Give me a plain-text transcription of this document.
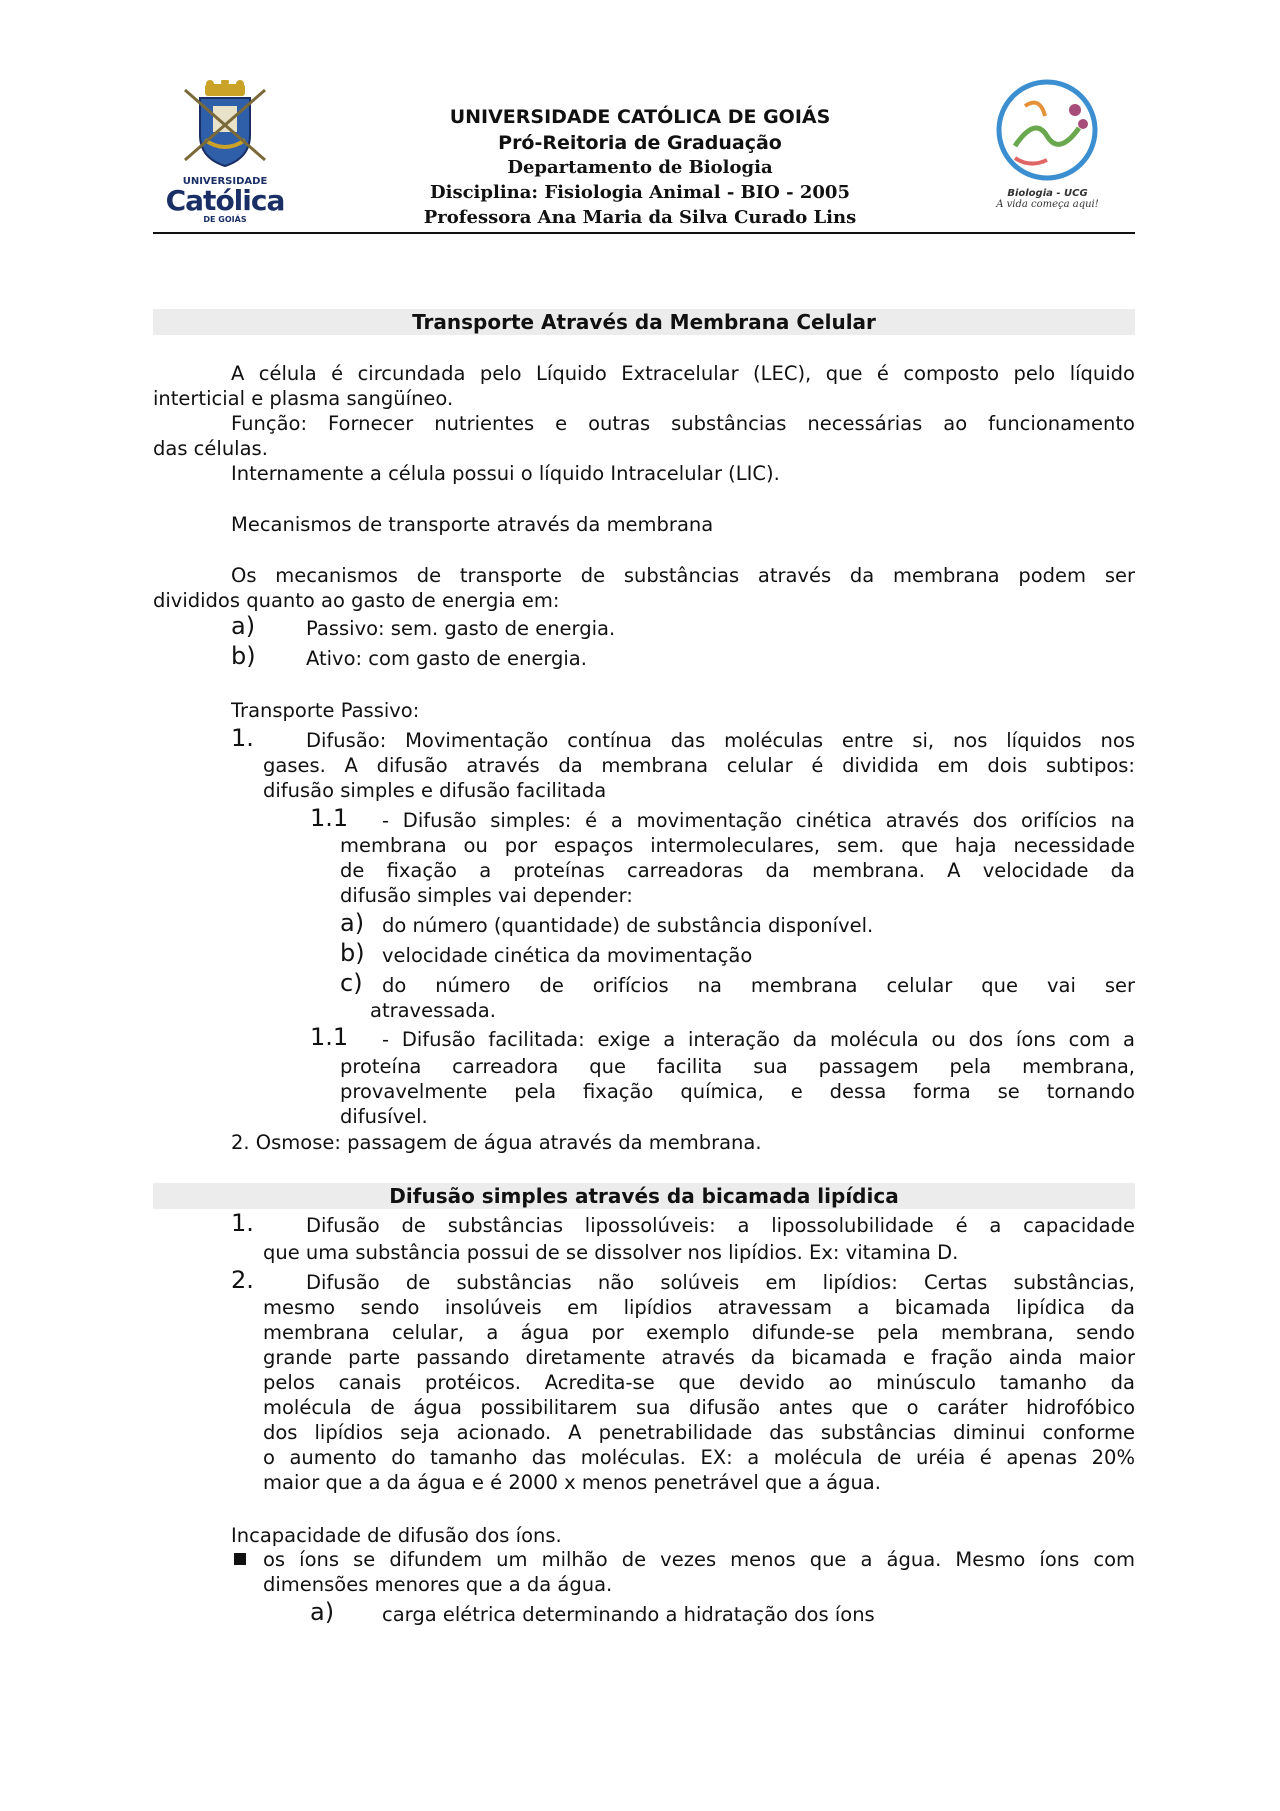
UNIVERSIDADE
Católica
DE GOIÁS
UNIVERSIDADE CATÓLICA DE GOIÁS
Pró-Reitoria de Graduação
Departamento de Biologia
Disciplina: Fisiologia Animal - BIO - 2005
Professora Ana Maria da Silva Curado Lins
Biologia - UCG
A vida começa aqui!
Transporte Através da Membrana Celular
A célula é circundada pelo Líquido Extracelular (LEC), que é composto pelo líquido
interticial e plasma sangüíneo.
Função: Fornecer nutrientes e outras substâncias necessárias ao funcionamento
das células.
Internamente a célula possui o líquido Intracelular (LIC).
Mecanismos de transporte através da membrana
Os mecanismos de transporte de substâncias através da membrana podem ser
divididos quanto ao gasto de energia em:
a)	Passivo: sem. gasto de energia.
b)	Ativo: com gasto de energia.
Transporte Passivo:
1.	Difusão: Movimentação contínua das moléculas entre si, nos líquidos nos
gases. A difusão através da membrana celular é dividida em dois subtipos:
difusão simples e difusão facilitada
1.1 - Difusão simples: é a movimentação cinética através dos orifícios na
membrana ou por espaços intermoleculares, sem. que haja necessidade
de fixação a proteínas carreadoras da membrana. A velocidade da
difusão simples vai depender:
a) do número (quantidade) de substância disponível.
b) velocidade cinética da movimentação
c) do número de orifícios na membrana celular que vai ser
atravessada.
1.1 - Difusão facilitada: exige a interação da molécula ou dos íons com a
proteína carreadora que facilita sua passagem pela membrana,
provavelmente pela fixação química, e dessa forma se tornando
difusível.
2. Osmose: passagem de água através da membrana.
Difusão simples através da bicamada lipídica
1.	Difusão de substâncias lipossolúveis: a lipossolubilidade é a capacidade
que uma substância possui de se dissolver nos lipídios. Ex: vitamina D.
2.	Difusão de substâncias não solúveis em lipídios: Certas substâncias,
mesmo sendo insolúveis em lipídios atravessam a bicamada lipídica da
membrana celular, a água por exemplo difunde-se pela membrana, sendo
grande parte passando diretamente através da bicamada e fração ainda maior
pelos canais protéicos. Acredita-se que devido ao minúsculo tamanho da
molécula de água possibilitarem sua difusão antes que o caráter hidrofóbico
dos lipídios seja acionado. A penetrabilidade das substâncias diminui conforme
o aumento do tamanho das moléculas. EX: a molécula de uréia é apenas 20%
maior que a da água e é 2000 x menos penetrável que a água.
Incapacidade de difusão dos íons.
os íons se difundem um milhão de vezes menos que a água. Mesmo íons com
dimensões menores que a da água.
a) carga elétrica determinando a hidratação dos íons
